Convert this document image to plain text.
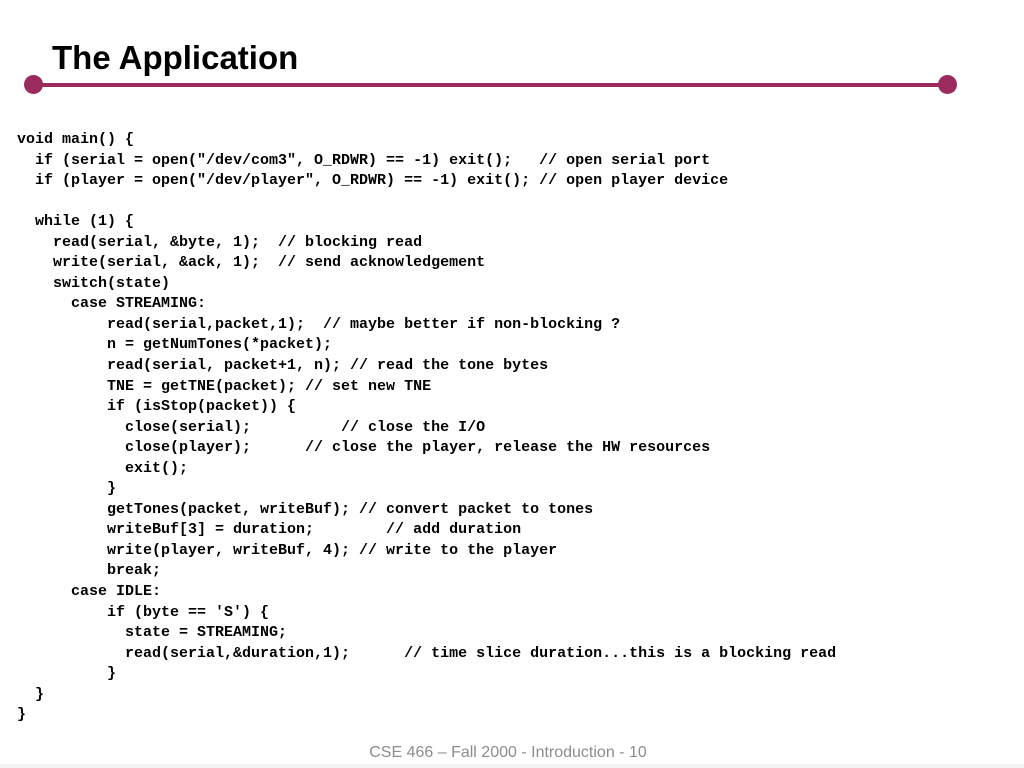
The Application
void main() {
if (serial = open("/dev/com3", O_RDWR) == -1) exit();   // open serial port
if (player = open("/dev/player", O_RDWR) == -1) exit(); // open player device
while (1) {
read(serial, &byte, 1);  // blocking read
write(serial, &ack, 1);  // send acknowledgement
switch(state)
case STREAMING:
read(serial,packet,1);  // maybe better if non-blocking ?
n = getNumTones(*packet);
read(serial, packet+1, n); // read the tone bytes
TNE = getTNE(packet); // set new TNE
if (isStop(packet)) {
close(serial);          // close the I/O
close(player);      // close the player, release the HW resources
exit();
}
getTones(packet, writeBuf); // convert packet to tones
writeBuf[3] = duration;        // add duration
write(player, writeBuf, 4); // write to the player
break;
case IDLE:
if (byte == 'S') {
state = STREAMING;
read(serial,&duration,1);      // time slice duration...this is a blocking read
}
}
}
CSE 466 – Fall 2000 - Introduction - 10
